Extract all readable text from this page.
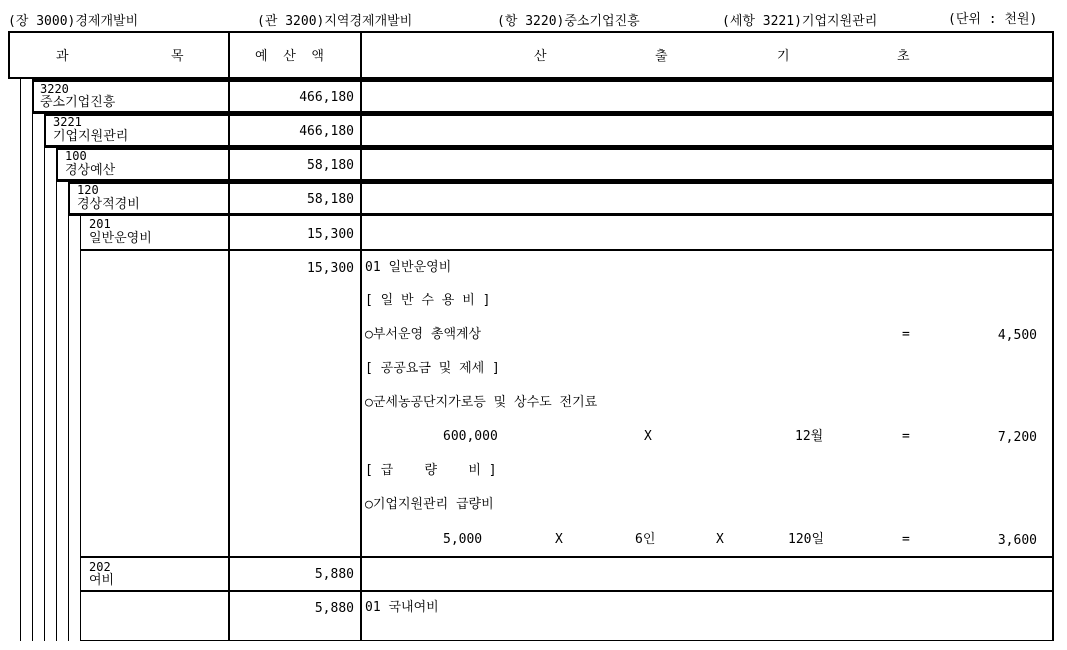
(장 3000)경제개발비	(관 3200)지역경제개발비	(항 3220)중소기업진흥	(세항 3221)기업지원관리	(단위 : 천원)
과	목	예  산  액	산	출	기	초
3220
중소기업진흥	466,180
3221
기업지원관리	466,180
100
경상예산	58,180
120
경상적경비	58,180
201
일반운영비	15,300
15,300 01 일반운영비
[ 일 반 수 용 비 ]
○부서운영 총액계상	=	4,500
[ 공공요금 및 제세 ]
○군세농공단지가로등 및 상수도 전기료
600,000	X	12월	=	7,200
[ 급    량    비 ]
○기업지원관리 급량비
5,000	X	6인	X	120일	=	3,600
202
여비	5,880
5,880 01 국내여비
